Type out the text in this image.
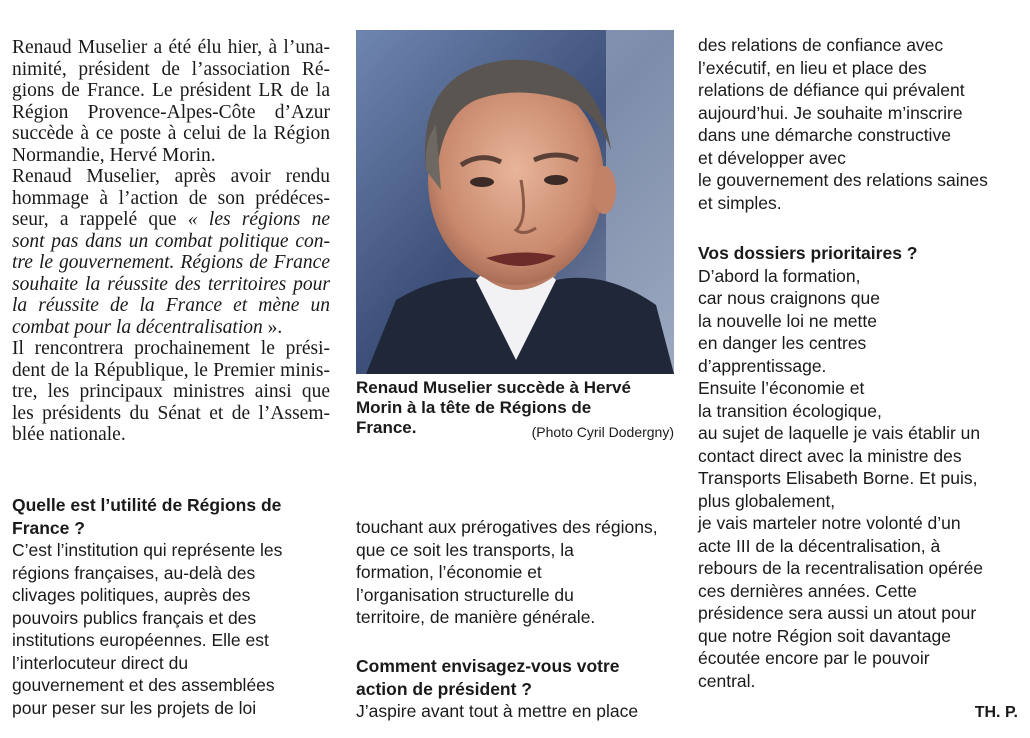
Renaud Muselier a été élu hier, à l’una-
nimité, président de l’association Ré-
gions de France. Le président LR de la
Région Provence-Alpes-Côte d’Azur
succède à ce poste à celui de la Région
Normandie, Hervé Morin.
Renaud Muselier, après avoir rendu
hommage à l’action de son prédéces-
seur, a rappelé que « les régions ne
sont pas dans un combat politique con-
tre le gouvernement. Régions de France
souhaite la réussite des territoires pour
la réussite de la France et mène un
combat pour la décentralisation ».
Il rencontrera prochainement le prési-
dent de la République, le Premier minis-
tre, les principaux ministres ainsi que
les présidents du Sénat et de l’Assem-
blée nationale.
Quelle est l’utilité de Régions de
France ?
C’est l’institution qui représente les
régions françaises, au-delà des
clivages politiques, auprès des
pouvoirs publics français et des
institutions européennes. Elle est
l’interlocuteur direct du
gouvernement et des assemblées
pour peser sur les projets de loi
Renaud Muselier succède à Hervé
Morin à la tête de Régions de
France.	(Photo Cyril Dodergny)
touchant aux prérogatives des régions,
que ce soit les transports, la
formation, l’économie et
l’organisation structurelle du
territoire, de manière générale.
Comment envisagez-vous votre
action de président ?
J’aspire avant tout à mettre en place
des relations de confiance avec
l’exécutif, en lieu et place des
relations de défiance qui prévalent
aujourd’hui. Je souhaite m’inscrire
dans une démarche constructive
et développer avec
le gouvernement des relations saines
et simples.
Vos dossiers prioritaires ?
D’abord la formation,
car nous craignons que
la nouvelle loi ne mette
en danger les centres
d’apprentissage.
Ensuite l’économie et
la transition écologique,
au sujet de laquelle je vais établir un
contact direct avec la ministre des
Transports Elisabeth Borne. Et puis,
plus globalement,
je vais marteler notre volonté d’un
acte III de la décentralisation, à
rebours de la recentralisation opérée
ces dernières années. Cette
présidence sera aussi un atout pour
que notre Région soit davantage
écoutée encore par le pouvoir
central.
TH. P.
